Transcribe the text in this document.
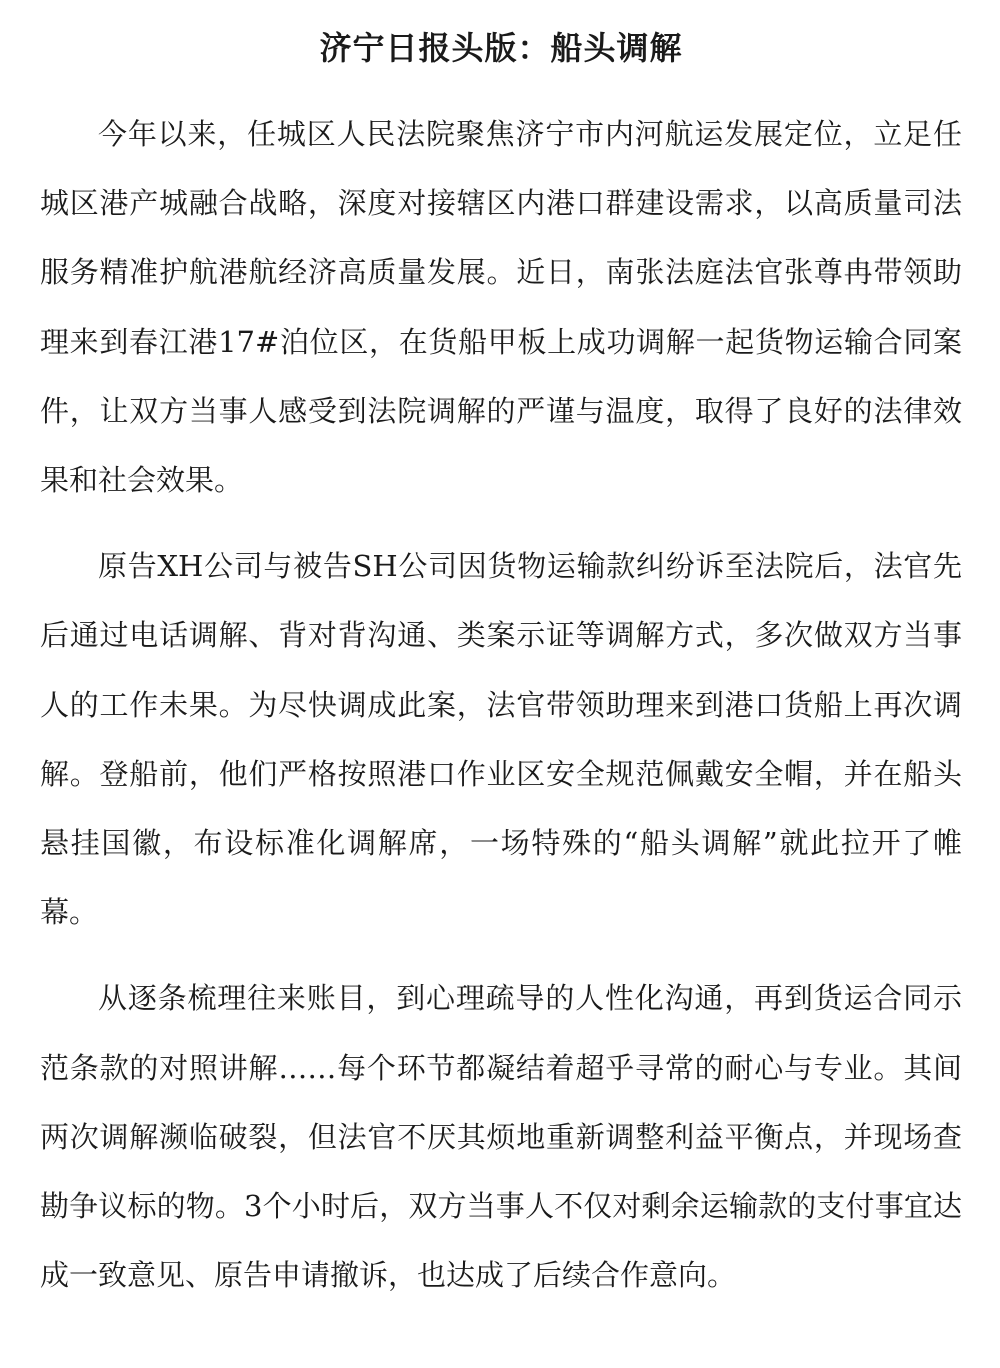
济宁日报头版：船头调解

今年以来，任城区人民法院聚焦济宁市内河航运发展定位，立足任城区港产城融合战略，深度对接辖区内港口群建设需求，以高质量司法服务精准护航港航经济高质量发展。近日，南张法庭法官张尊冉带领助理来到春江港17#泊位区，在货船甲板上成功调解一起货物运输合同案件，让双方当事人感受到法院调解的严谨与温度，取得了良好的法律效果和社会效果。

原告XH公司与被告SH公司因货物运输款纠纷诉至法院后，法官先后通过电话调解、背对背沟通、类案示证等调解方式，多次做双方当事人的工作未果。为尽快调成此案，法官带领助理来到港口货船上再次调解。登船前，他们严格按照港口作业区安全规范佩戴安全帽，并在船头悬挂国徽，布设标准化调解席，一场特殊的“船头调解”就此拉开了帷幕。

从逐条梳理往来账目，到心理疏导的人性化沟通，再到货运合同示范条款的对照讲解……每个环节都凝结着超乎寻常的耐心与专业。其间两次调解濒临破裂，但法官不厌其烦地重新调整利益平衡点，并现场查勘争议标的物。3个小时后，双方当事人不仅对剩余运输款的支付事宜达成一致意见、原告申请撤诉，也达成了后续合作意向。
